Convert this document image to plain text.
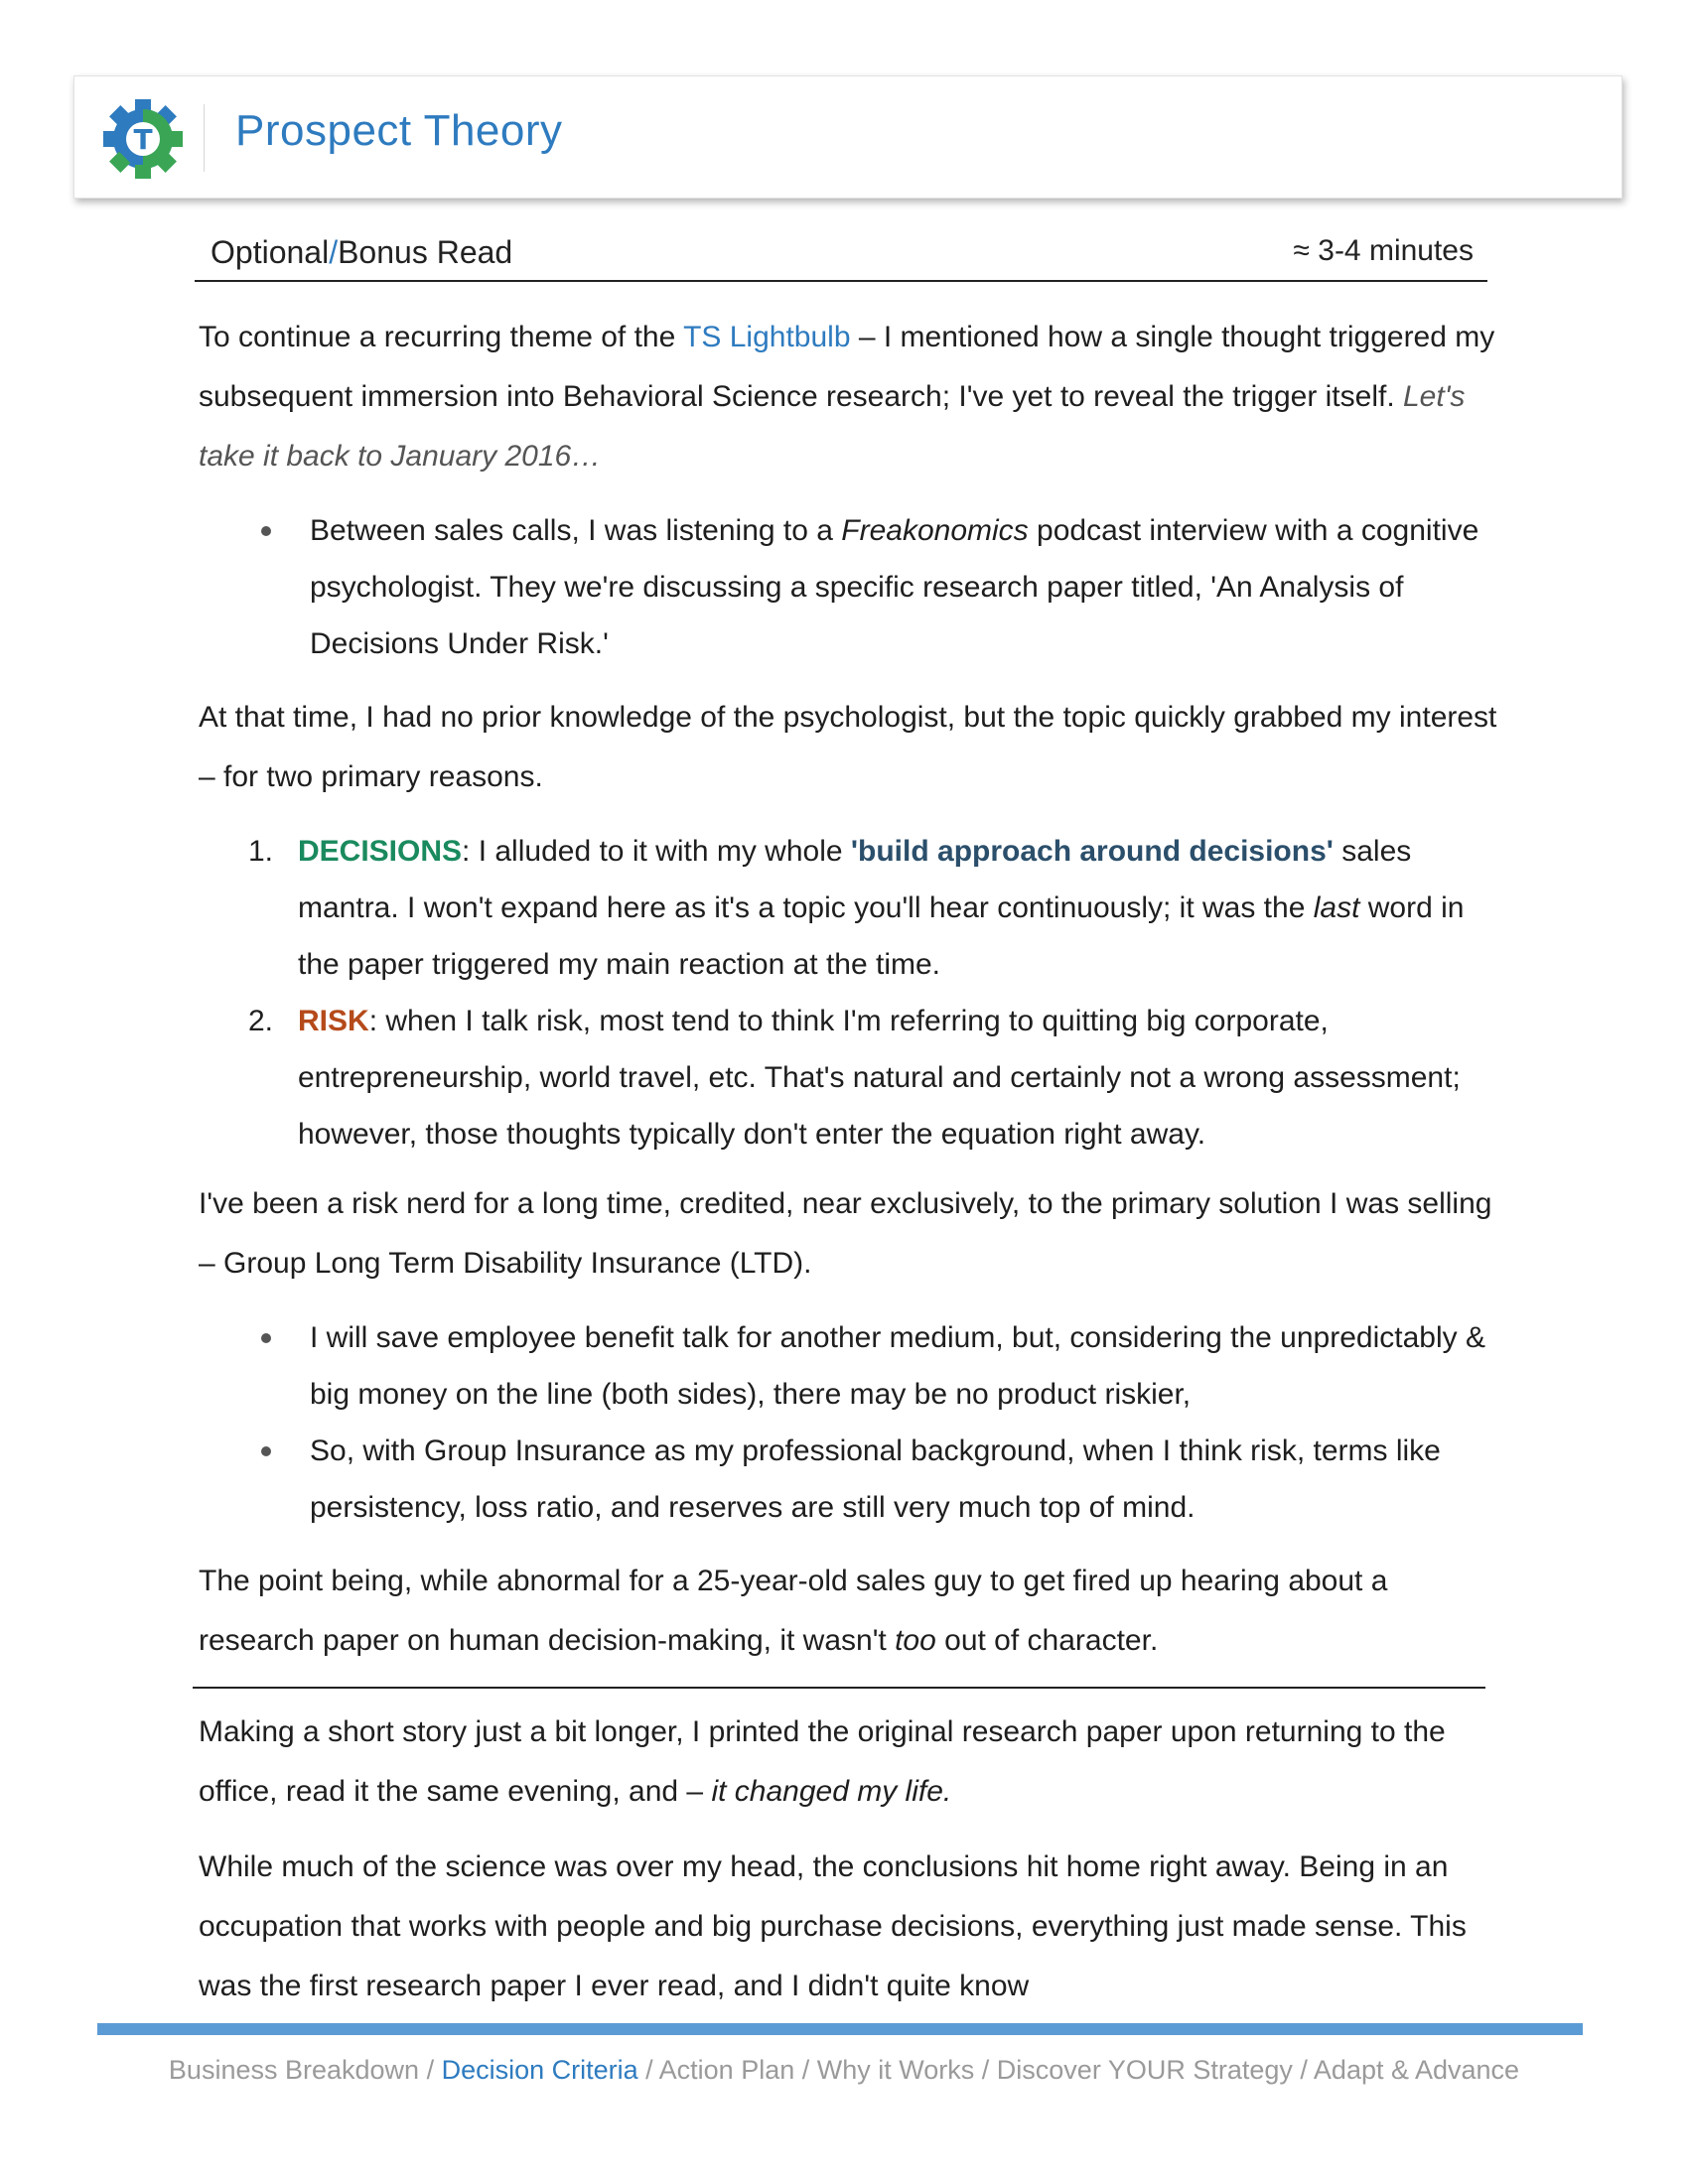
T Prospect Theory
Optional/Bonus Read	≈ 3-4 minutes

To continue a recurring theme of the TS Lightbulb – I mentioned how a single thought triggered my subsequent immersion into Behavioral Science research; I've yet to reveal the trigger itself. Let's take it back to January 2016…

Between sales calls, I was listening to a Freakonomics podcast interview with a cognitive psychologist. They we're discussing a specific research paper titled, 'An Analysis of Decisions Under Risk.'

At that time, I had no prior knowledge of the psychologist, but the topic quickly grabbed my interest – for two primary reasons.

1. DECISIONS: I alluded to it with my whole 'build approach around decisions' sales mantra. I won't expand here as it's a topic you'll hear continuously; it was the last word in the paper triggered my main reaction at the time.
2. RISK: when I talk risk, most tend to think I'm referring to quitting big corporate, entrepreneurship, world travel, etc. That's natural and certainly not a wrong assessment; however, those thoughts typically don't enter the equation right away.

I've been a risk nerd for a long time, credited, near exclusively, to the primary solution I was selling – Group Long Term Disability Insurance (LTD).

I will save employee benefit talk for another medium, but, considering the unpredictably & big money on the line (both sides), there may be no product riskier,
So, with Group Insurance as my professional background, when I think risk, terms like persistency, loss ratio, and reserves are still very much top of mind.

The point being, while abnormal for a 25-year-old sales guy to get fired up hearing about a research paper on human decision-making, it wasn't too out of character.

Making a short story just a bit longer, I printed the original research paper upon returning to the office, read it the same evening, and – it changed my life.

While much of the science was over my head, the conclusions hit home right away. Being in an occupation that works with people and big purchase decisions, everything just made sense. This was the first research paper I ever read, and I didn't quite know

Business Breakdown / Decision Criteria / Action Plan / Why it Works / Discover YOUR Strategy / Adapt & Advance
